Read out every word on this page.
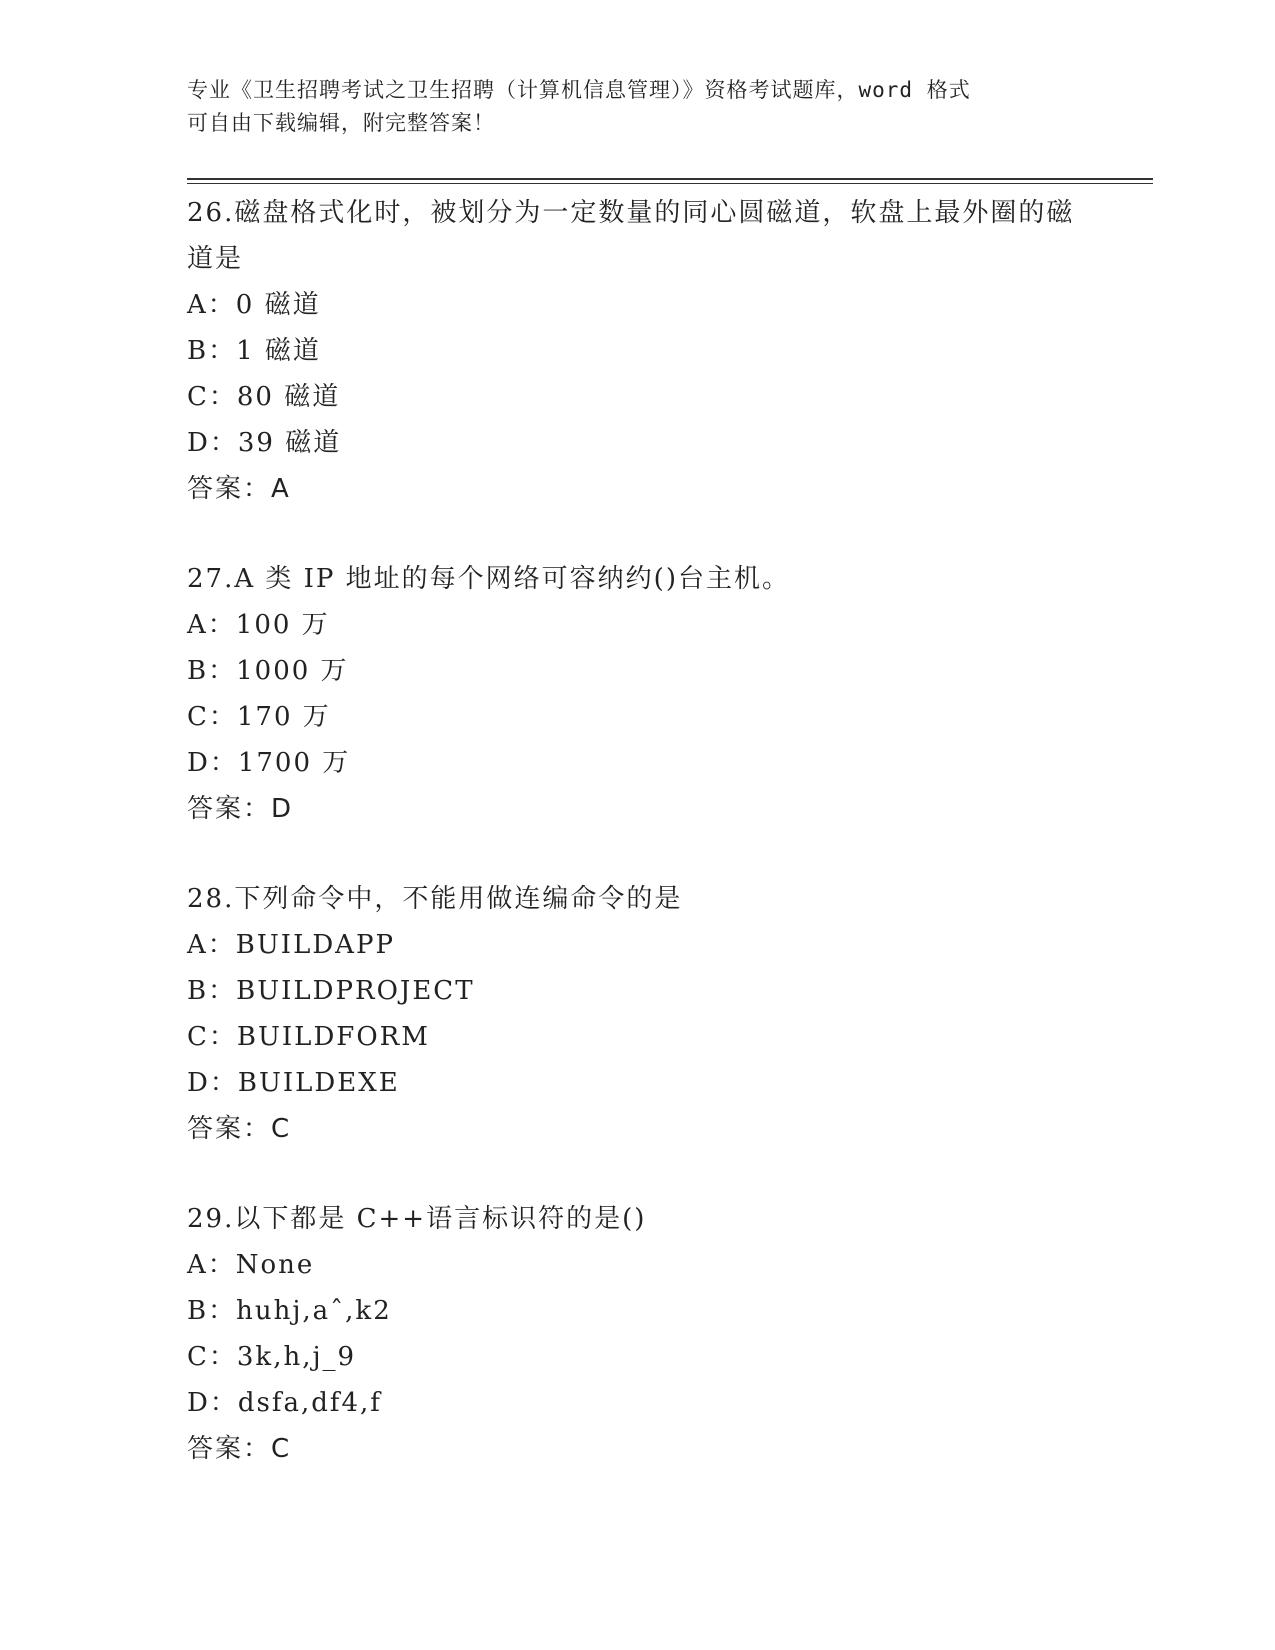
专业《卫生招聘考试之卫生招聘（计算机信息管理）》资格考试题库，word 格式
可自由下载编辑，附完整答案！
26.磁盘格式化时，被划分为一定数量的同心圆磁道，软盘上最外圈的磁道是
A：0 磁道
B：1 磁道
C：80 磁道
D：39 磁道
答案：A
27.A 类 IP 地址的每个网络可容纳约()台主机。
A：100 万
B：1000 万
C：170 万
D：1700 万
答案：D
28.下列命令中，不能用做连编命令的是
A：BUILDAPP
B：BUILDPROJECT
C：BUILDFORM
D：BUILDEXE
答案：C
29.以下都是 C++语言标识符的是()
A：None
B：huhj,aˆ,k2
C：3k,h,j_9
D：dsfa,df4,f
答案：C
